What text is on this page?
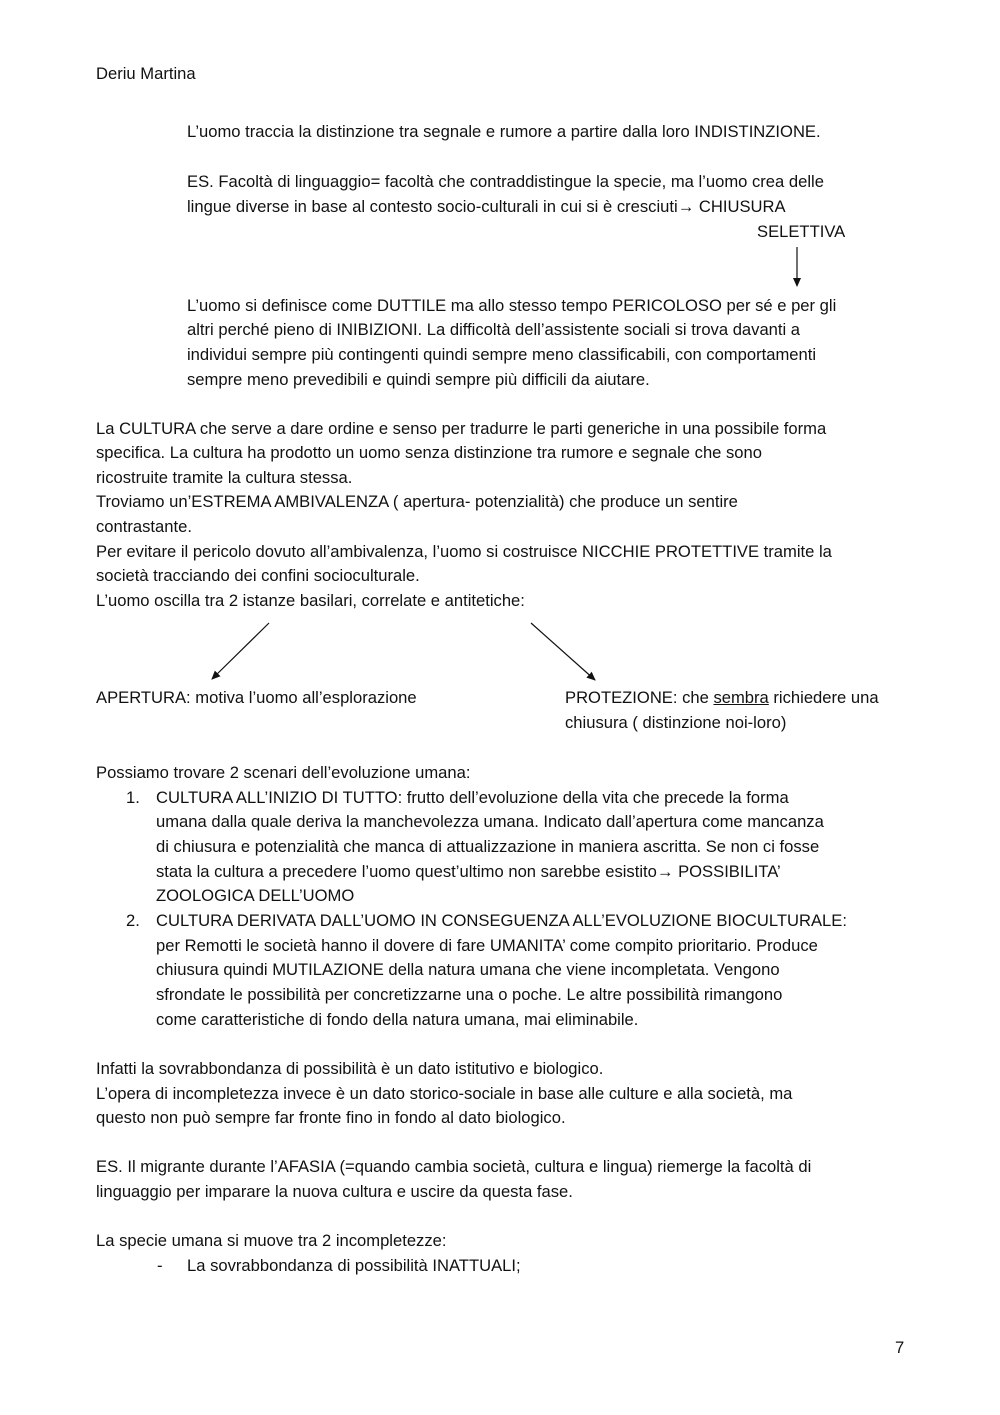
Deriu Martina

L’uomo traccia la distinzione tra segnale e rumore a partire dalla loro INDISTINZIONE.

ES. Facoltà di linguaggio= facoltà che contraddistingue la specie, ma l’uomo crea delle

lingue diverse in base al contesto socio-culturali in cui si è cresciuti→ CHIUSURA

SELETTIVA

L’uomo si definisce come DUTTILE ma allo stesso tempo PERICOLOSO per sé e per gli

altri perché pieno di INIBIZIONI. La difficoltà dell’assistente sociali si trova davanti a

individui sempre più contingenti quindi sempre meno classificabili, con comportamenti

sempre meno prevedibili e quindi sempre più difficili da aiutare.

La CULTURA che serve a dare ordine e senso per tradurre le parti generiche in una possibile forma

specifica. La cultura ha prodotto un uomo senza distinzione tra rumore e segnale che sono

ricostruite tramite la cultura stessa.

Troviamo un’ESTREMA AMBIVALENZA ( apertura- potenzialità) che produce un sentire

contrastante.

Per evitare il pericolo dovuto all’ambivalenza, l’uomo si costruisce NICCHIE PROTETTIVE tramite la

società tracciando dei confini socioculturale.

L’uomo oscilla tra 2 istanze basilari, correlate e antitetiche:

APERTURA: motiva l’uomo all’esplorazione	PROTEZIONE: che sembra richiedere una

chiusura ( distinzione noi-loro)

Possiamo trovare 2 scenari dell’evoluzione umana:

1. CULTURA ALL’INIZIO DI TUTTO: frutto dell’evoluzione della vita che precede la forma

umana dalla quale deriva la manchevolezza umana. Indicato dall’apertura come mancanza

di chiusura e potenzialità che manca di attualizzazione in maniera ascritta. Se non ci fosse

stata la cultura a precedere l’uomo quest’ultimo non sarebbe esistito→ POSSIBILITA’

ZOOLOGICA DELL’UOMO

2. CULTURA DERIVATA DALL’UOMO IN CONSEGUENZA ALL’EVOLUZIONE BIOCULTURALE:

per Remotti le società hanno il dovere di fare UMANITA’ come compito prioritario. Produce

chiusura quindi MUTILAZIONE della natura umana che viene incompletata. Vengono

sfrondate le possibilità per concretizzarne una o poche. Le altre possibilità rimangono

come caratteristiche di fondo della natura umana, mai eliminabile.

Infatti la sovrabbondanza di possibilità è un dato istitutivo e biologico.

L’opera di incompletezza invece è un dato storico-sociale in base alle culture e alla società, ma

questo non può sempre far fronte fino in fondo al dato biologico.

ES. Il migrante durante l’AFASIA (=quando cambia società, cultura e lingua) riemerge la facoltà di

linguaggio per imparare la nuova cultura e uscire da questa fase.

La specie umana si muove tra 2 incompletezze:

- La sovrabbondanza di possibilità INATTUALI;

7
